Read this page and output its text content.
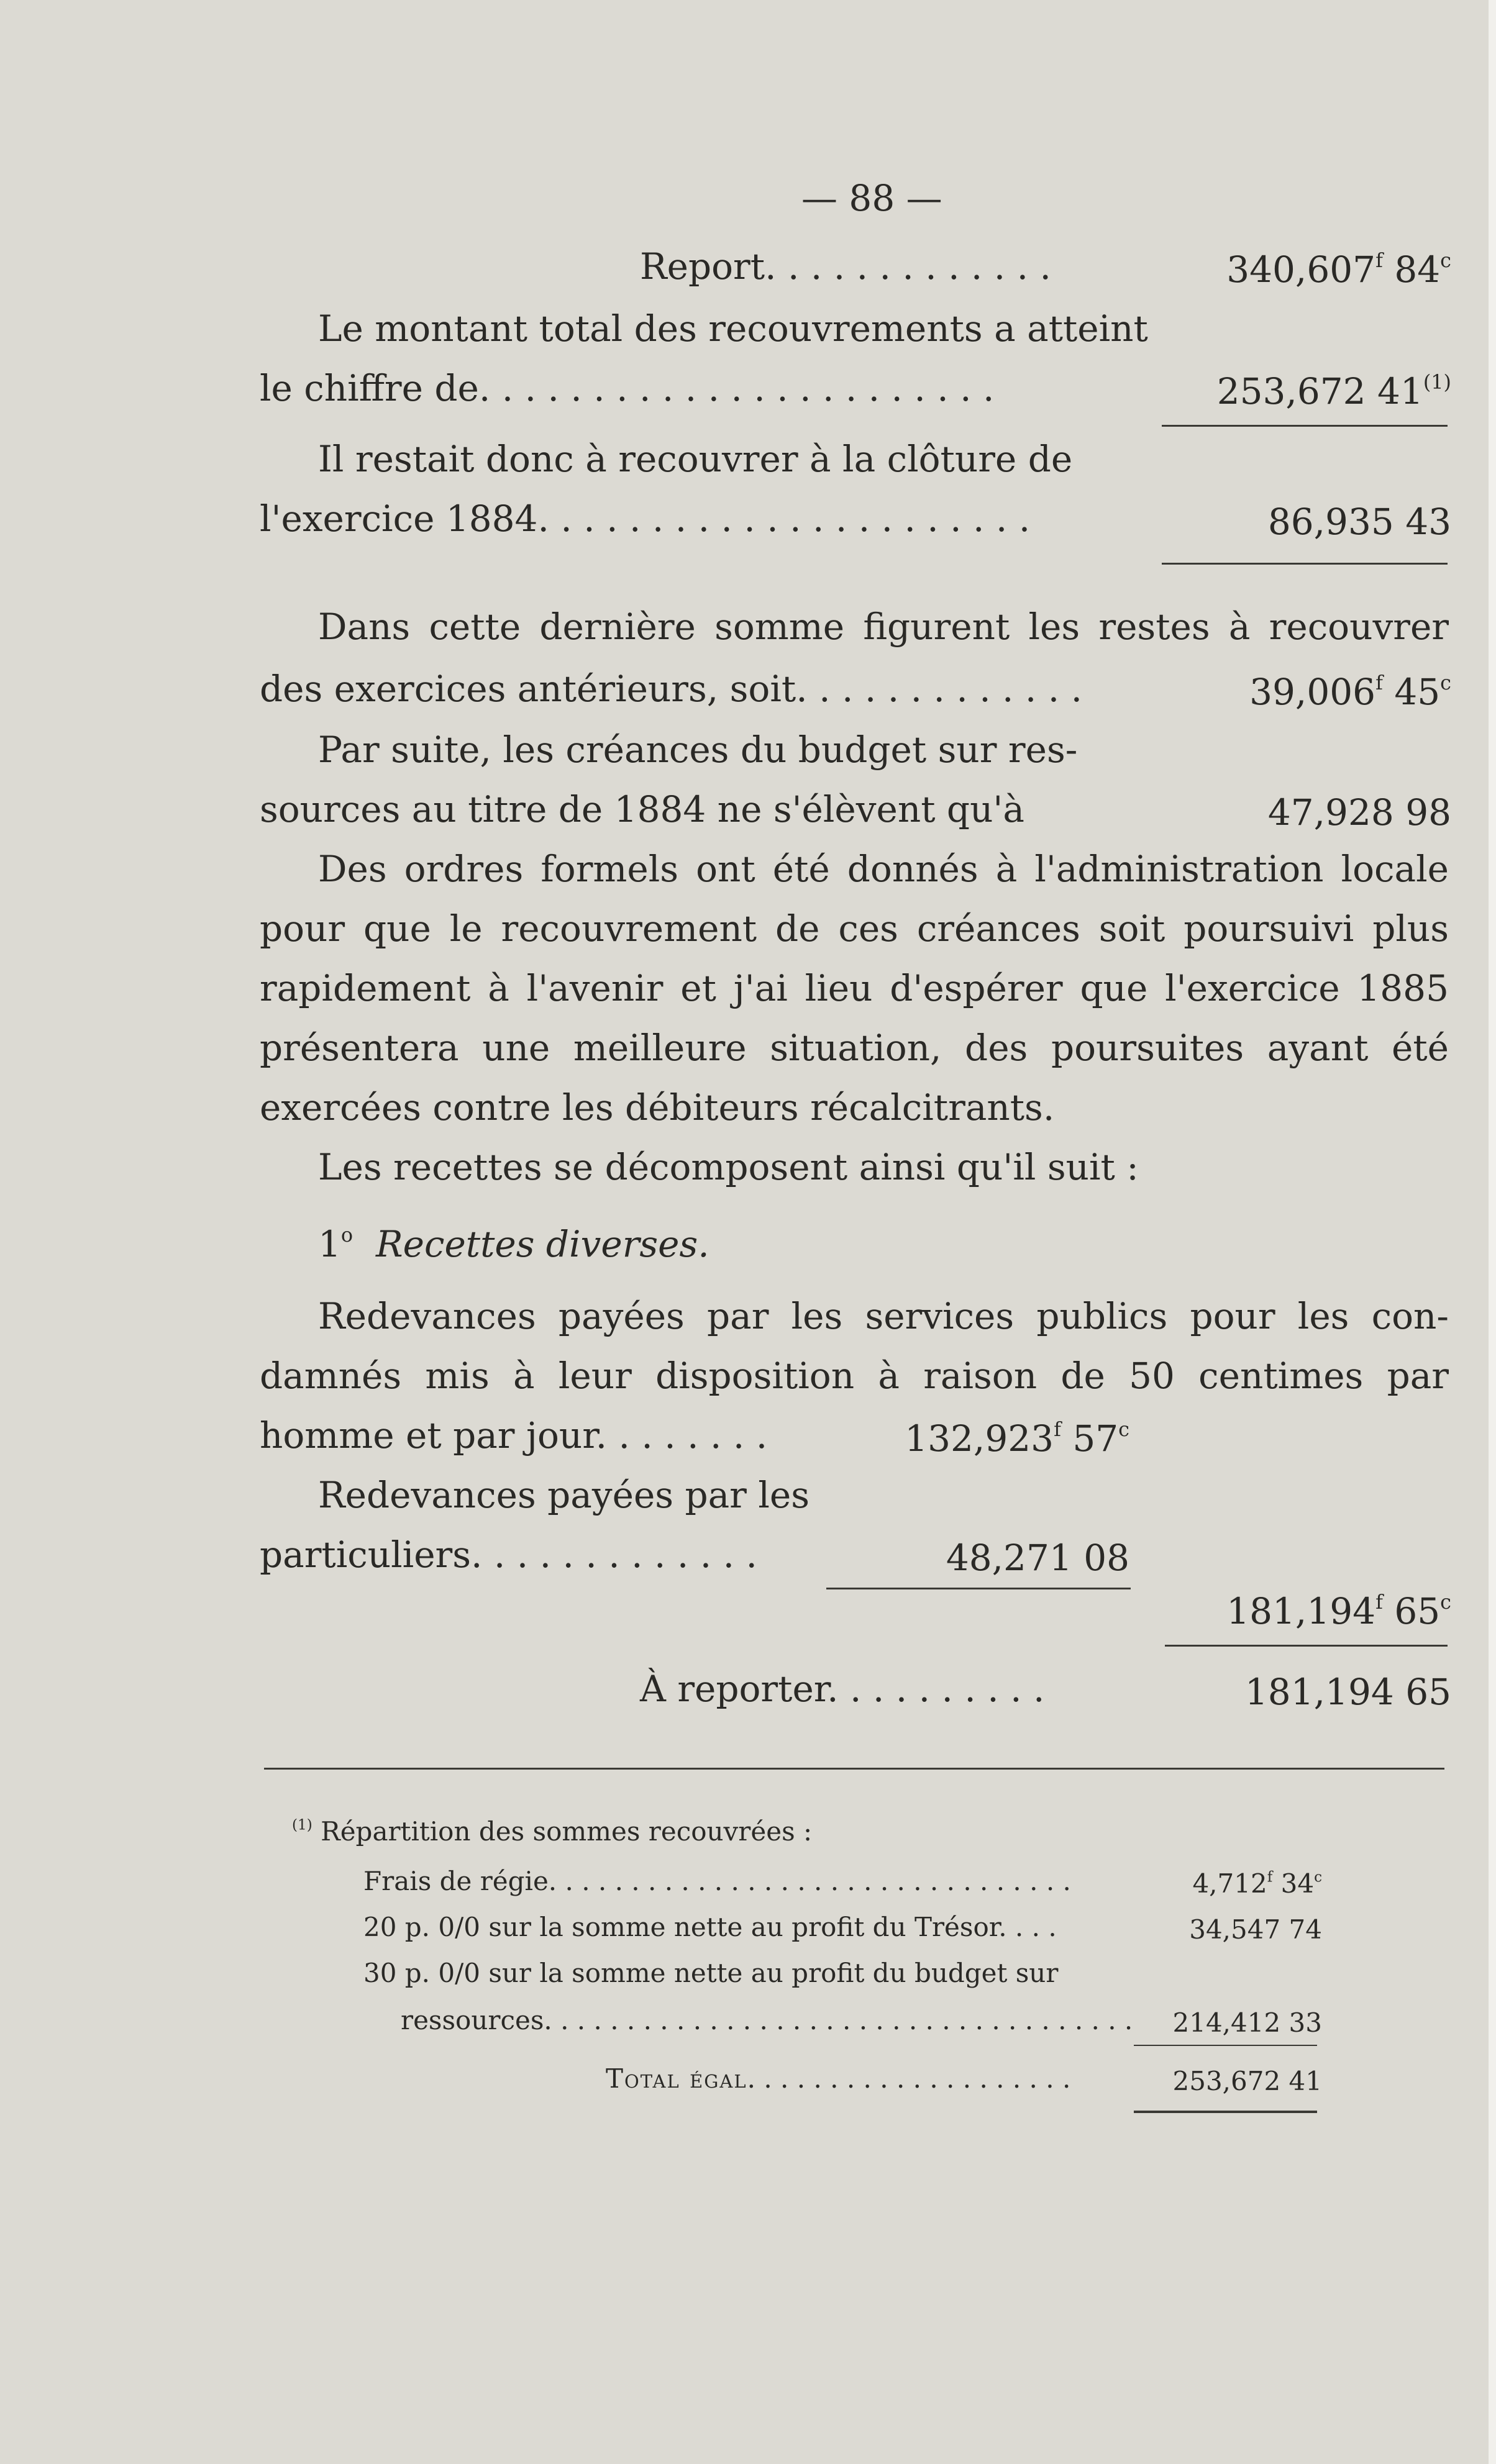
— 88 —
Report. . . . . . . . . . . . .	340,607$^f$ 84$^c$
Le montant total des recouvrements a atteint
le chiffre de. . . . . . . . . . . . . . . . . . . . . . .	253,672 41$^{(1)}$
Il restait donc à recouvrer à la clôture de
l'exercice 1884. . . . . . . . . . . . . . . . . . . . . .	86,935 43
Dans cette dernière somme figurent les restes à recouvrer
des exercices antérieurs, soit. . . . . . . . . . . . .	39,006$^f$ 45$^c$
Par suite, les créances du budget sur res-
sources au titre de 1884 ne s'élèvent qu'à	47,928 98
Des ordres formels ont été donnés à l'administration locale
pour que le recouvrement de ces créances soit poursuivi plus
rapidement à l'avenir et j'ai lieu d'espérer que l'exercice 1885
présentera une meilleure situation, des poursuites ayant été
exercées contre les débiteurs récalcitrants.
Les recettes se décomposent ainsi qu'il suit :
1$^o$ Recettes diverses.
Redevances payées par les services publics pour les con-
damnés mis à leur disposition à raison de 50 centimes par
homme et par jour. . . . . . . .	132,923$^f$ 57$^c$
Redevances payées par les
particuliers. . . . . . . . . . . . .	48,271 08
181,194$^f$ 65$^c$
À reporter. . . . . . . . . .	181,194 65
$^{(1)}$ Répartition des sommes recouvrées :
Frais de régie. . . . . . . . . . . . . . . . . . . . . . . . . . . . . . . .	4,712$^f$ 34$^c$
20 p. 0/0 sur la somme nette au profit du Trésor. . . .	34,547 74
30 p. 0/0 sur la somme nette au profit du budget sur
ressources. . . . . . . . . . . . . . . . . . . . . . . . . . . . . . . . . . . . 214,412 33
Total égal. . . . . . . . . . . . . . . . . . . .	253,672 41
